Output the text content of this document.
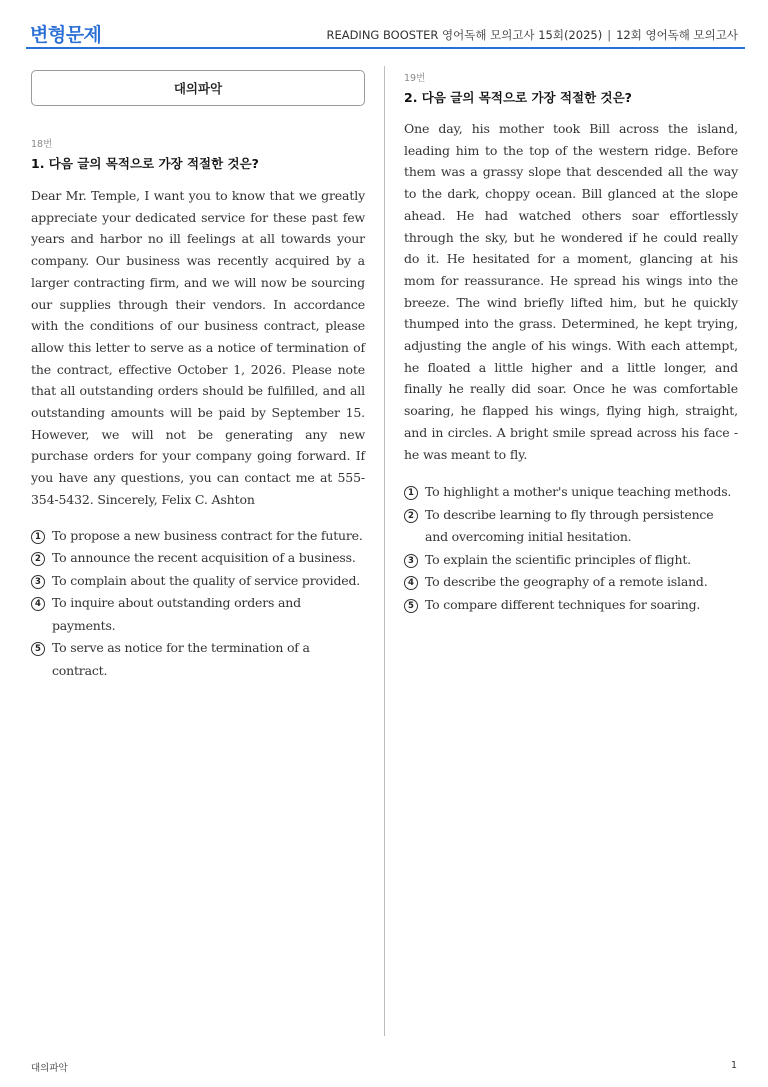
변형문제	READING BOOSTER 영어독해 모의고사 15회(2025) | 12회 영어독해 모의고사
대의파악
18번
1. 다음 글의 목적으로 가장 적절한 것은?
Dear Mr. Temple, I want you to know that we greatly appreciate your dedicated service for these past few years and harbor no ill feelings at all towards your company. Our business was recently acquired by a larger contracting firm, and we will now be sourcing our supplies through their vendors. In accordance with the conditions of our business contract, please allow this letter to serve as a notice of termination of the contract, effective October 1, 2026. Please note that all outstanding orders should be fulfilled, and all outstanding amounts will be paid by September 15. However, we will not be generating any new purchase orders for your company going forward. If you have any questions, you can contact me at 555-354-5432. Sincerely, Felix C. Ashton
1 To propose a new business contract for the future.
2 To announce the recent acquisition of a business.
3 To complain about the quality of service provided.
4 To inquire about outstanding orders and payments.
5 To serve as notice for the termination of a contract.
19번
2. 다음 글의 목적으로 가장 적절한 것은?
One day, his mother took Bill across the island, leading him to the top of the western ridge. Before them was a grassy slope that descended all the way to the dark, choppy ocean. Bill glanced at the slope ahead. He had watched others soar effortlessly through the sky, but he wondered if he could really do it. He hesitated for a moment, glancing at his mom for reassurance. He spread his wings into the breeze. The wind briefly lifted him, but he quickly thumped into the grass. Determined, he kept trying, adjusting the angle of his wings. With each attempt, he floated a little higher and a little longer, and finally he really did soar. Once he was comfortable soaring, he flapped his wings, flying high, straight, and in circles. A bright smile spread across his face - he was meant to fly.
1 To highlight a mother's unique teaching methods.
2 To describe learning to fly through persistence and overcoming initial hesitation.
3 To explain the scientific principles of flight.
4 To describe the geography of a remote island.
5 To compare different techniques for soaring.
대의파악	1
